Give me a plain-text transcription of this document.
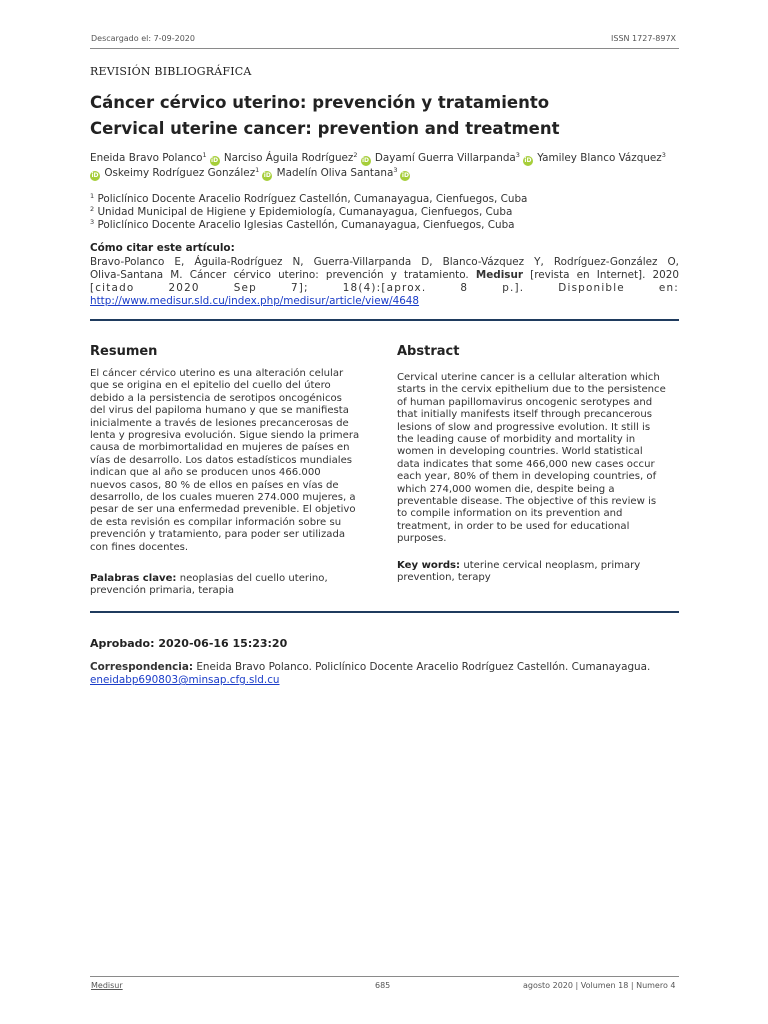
Descargado el: 7-09-2020	ISSN 1727-897X
REVISIÓN BIBLIOGRÁFICA
Cáncer cérvico uterino: prevención y tratamiento
Cervical uterine cancer: prevention and treatment
Eneida Bravo Polanco$^1$iD Narciso Águila Rodríguez$^2$iD Dayamí Guerra Villarpanda$^3$iD Yamiley Blanco Vázquez$^3$
iD Oskeimy Rodríguez González$^1$iD Madelín Oliva Santana$^3$iD
$^1$ Policlínico Docente Aracelio Rodríguez Castellón, Cumanayagua, Cienfuegos, Cuba
$^2$ Unidad Municipal de Higiene y Epidemiología, Cumanayagua, Cienfuegos, Cuba
$^3$ Policlínico Docente Aracelio Iglesias Castellón, Cumanayagua, Cienfuegos, Cuba
Cómo citar este artículo:
Bravo-Polanco E, Águila-Rodríguez N, Guerra-Villarpanda D, Blanco-Vázquez Y, Rodríguez-González O,
Oliva-Santana M. Cáncer cérvico uterino: prevención y tratamiento. Medisur [revista en Internet]. 2020
[citado 2020 Sep 7]; 18(4):[aprox. 8 p.]. Disponible en:
http://www.medisur.sld.cu/index.php/medisur/article/view/4648
Resumen
El cáncer cérvico uterino es una alteración celular
que se origina en el epitelio del cuello del útero
debido a la persistencia de serotipos oncogénicos
del virus del papiloma humano y que se manifiesta
inicialmente a través de lesiones precancerosas de
lenta y progresiva evolución. Sigue siendo la primera
causa de morbimortalidad en mujeres de países en
vías de desarrollo. Los datos estadísticos mundiales
indican que al año se producen unos 466.000
nuevos casos, 80 % de ellos en países en vías de
desarrollo, de los cuales mueren 274.000 mujeres, a
pesar de ser una enfermedad prevenible. El objetivo
de esta revisión es compilar información sobre su
prevención y tratamiento, para poder ser utilizada
con fines docentes.
Palabras clave: neoplasias del cuello uterino,
prevención primaria, terapia
Abstract
Cervical uterine cancer is a cellular alteration which
starts in the cervix epithelium due to the persistence
of human papillomavirus oncogenic serotypes and
that initially manifests itself through precancerous
lesions of slow and progressive evolution. It still is
the leading cause of morbidity and mortality in
women in developing countries. World statistical
data indicates that some 466,000 new cases occur
each year, 80% of them in developing countries, of
which 274,000 women die, despite being a
preventable disease. The objective of this review is
to compile information on its prevention and
treatment, in order to be used for educational
purposes.
Key words: uterine cervical neoplasm, primary
prevention, terapy
Aprobado: 2020-06-16 15:23:20
Correspondencia: Eneida Bravo Polanco. Policlínico Docente Aracelio Rodríguez Castellón. Cumanayagua.
eneidabp690803@minsap.cfg.sld.cu
Medisur	685	agosto 2020 | Volumen 18 | Numero 4
